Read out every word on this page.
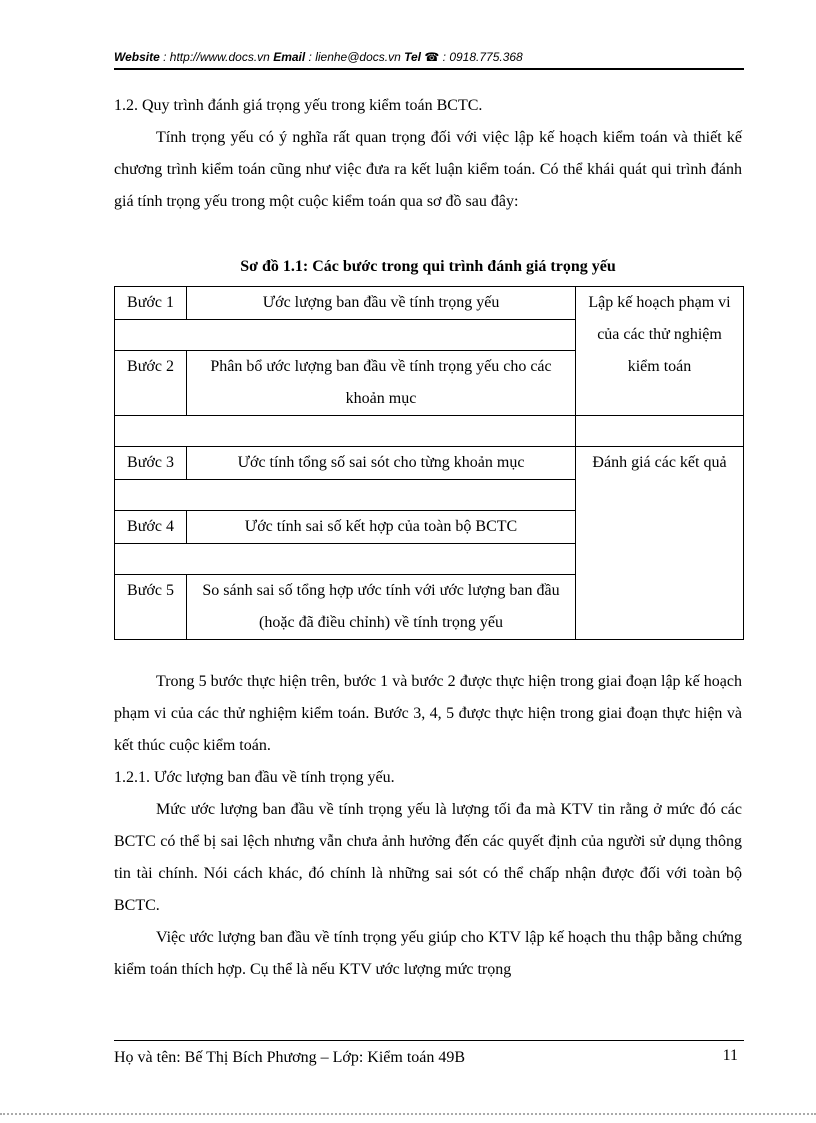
Website : http://www.docs.vn Email : lienhe@docs.vn Tel ☎ : 0918.775.368
1.2. Quy trình đánh giá trọng yếu trong kiểm toán BCTC.
Tính trọng yếu có ý nghĩa rất quan trọng đối với việc lập kế hoạch kiểm toán và thiết kế chương trình kiểm toán cũng như việc đưa ra kết luận kiểm toán. Có thể khái quát qui trình đánh giá tính trọng yếu trong một cuộc kiểm toán qua sơ đồ sau đây:
Sơ đồ 1.1: Các bước trong qui trình đánh giá trọng yếu
Bước 1	Ước lượng ban đầu về tính trọng yếu	Lập kế hoạch phạm vi của các thử nghiệm kiểm toán

Bước 2	Phân bổ ước lượng ban đầu về tính trọng yếu cho các khoản mục	

Bước 3	Ước tính tổng số sai sót cho từng khoản mục	Đánh giá các kết quả

Bước 4	Ước tính sai số kết hợp của toàn bộ BCTC	

Bước 5	So sánh sai số tổng hợp ước tính với ước lượng ban đầu (hoặc đã điều chỉnh) về tính trọng yếu	
Trong 5 bước thực hiện trên, bước 1 và bước 2 được thực hiện trong giai đoạn lập kế hoạch phạm vi của các thử nghiệm kiểm toán. Bước 3, 4, 5 được thực hiện trong giai đoạn thực hiện và kết thúc cuộc kiểm toán.
1.2.1. Ước lượng ban đầu về tính trọng yếu.
Mức ước lượng ban đầu về tính trọng yếu là lượng tối đa mà KTV tin rằng ở mức đó các BCTC có thể bị sai lệch nhưng vẫn chưa ảnh hưởng đến các quyết định của người sử dụng thông tin tài chính. Nói cách khác, đó chính là những sai sót có thể chấp nhận được đối với toàn bộ BCTC.
Việc ước lượng ban đầu về tính trọng yếu giúp cho KTV lập kế hoạch thu thập bằng chứng kiểm toán thích hợp. Cụ thể là nếu KTV ước lượng mức trọng
Họ và tên: Bế Thị Bích Phương – Lớp: Kiểm toán 49B	11
